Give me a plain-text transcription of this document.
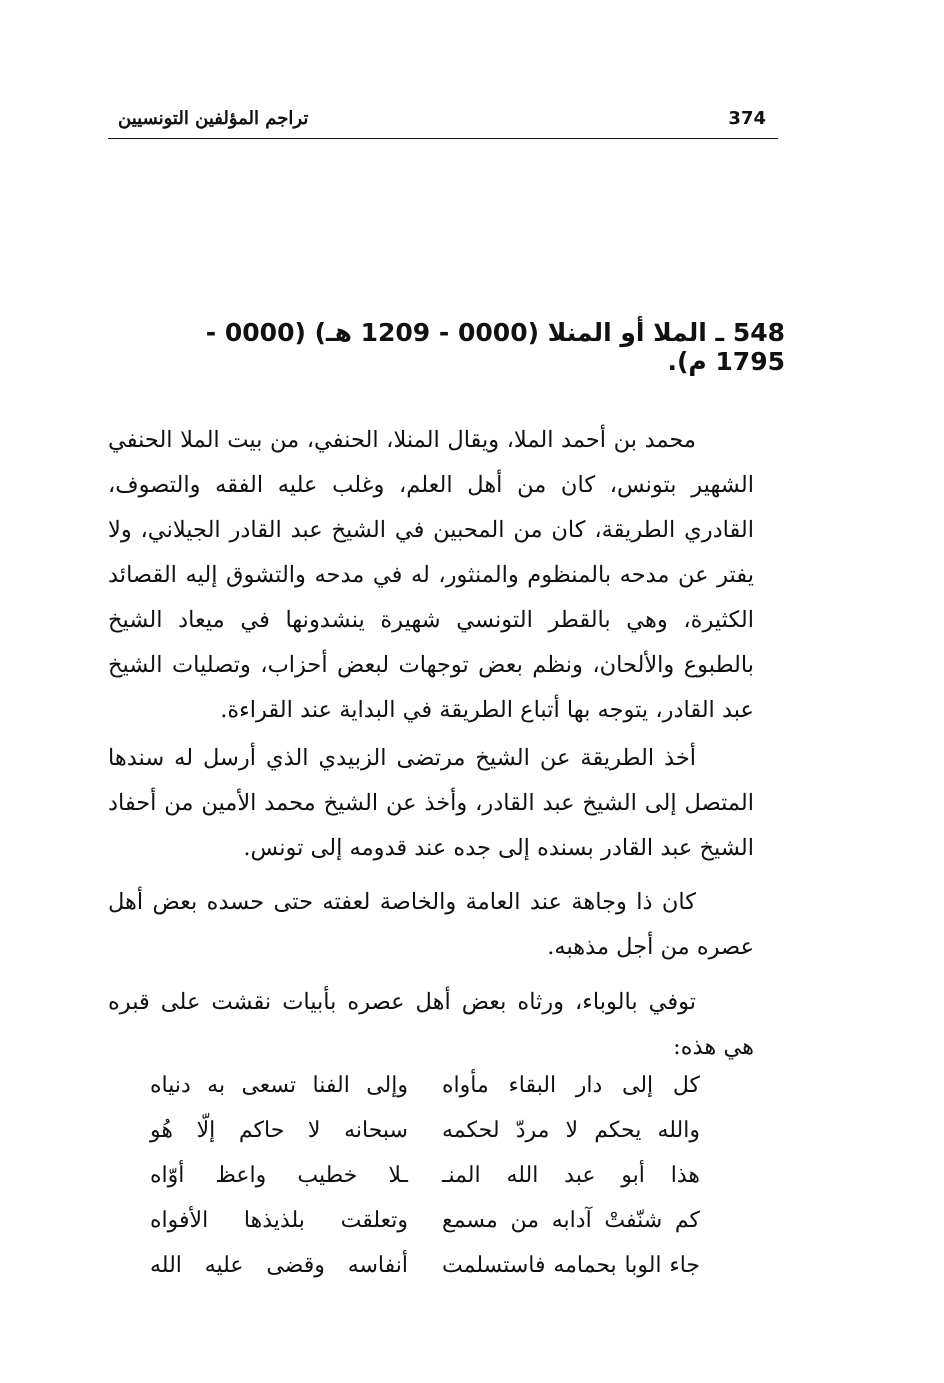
374
تراجم المؤلفين التونسيين
548 ـ الملا أو المنلا (0000 - 1209 هـ) (0000 - 1795 م).
محمد بن أحمد الملا، ويقال المنلا، الحنفي، من بيت الملا الحنفي الشهير بتونس، كان من أهل العلم، وغلب عليه الفقه والتصوف، القادري الطريقة، كان من المحبين في الشيخ عبد القادر الجيلاني، ولا يفتر عن مدحه بالمنظوم والمنثور، له في مدحه والتشوق إليه القصائد الكثيرة، وهي بالقطر التونسي شهيرة ينشدونها في ميعاد الشيخ بالطبوع والألحان، ونظم بعض توجهات لبعض أحزاب، وتصليات الشيخ عبد القادر، يتوجه بها أتباع الطريقة في البداية عند القراءة.
أخذ الطريقة عن الشيخ مرتضى الزبيدي الذي أرسل له سندها المتصل إلى الشيخ عبد القادر، وأخذ عن الشيخ محمد الأمين من أحفاد الشيخ عبد القادر بسنده إلى جده عند قدومه إلى تونس.
كان ذا وجاهة عند العامة والخاصة لعفته حتى حسده بعض أهل عصره من أجل مذهبه.
توفي بالوباء، ورثاه بعض أهل عصره بأبيات نقشت على قبره هي هذه:
كل إلى دار البقاء مأواه
وإلى الفنا تسعى به دنياه
والله يحكم لا مردّ لحكمه
سبحانه لا حاكم إلّا هُو
هذا أبو عبد الله المنـ
ـلا خطيب واعظ أوّاه
كم شنّفتْ آدابه من مسمع
وتعلقت بلذيذها الأفواه
جاء الوبا بحمامه فاستسلمت
أنفاسه وقضى عليه الله
